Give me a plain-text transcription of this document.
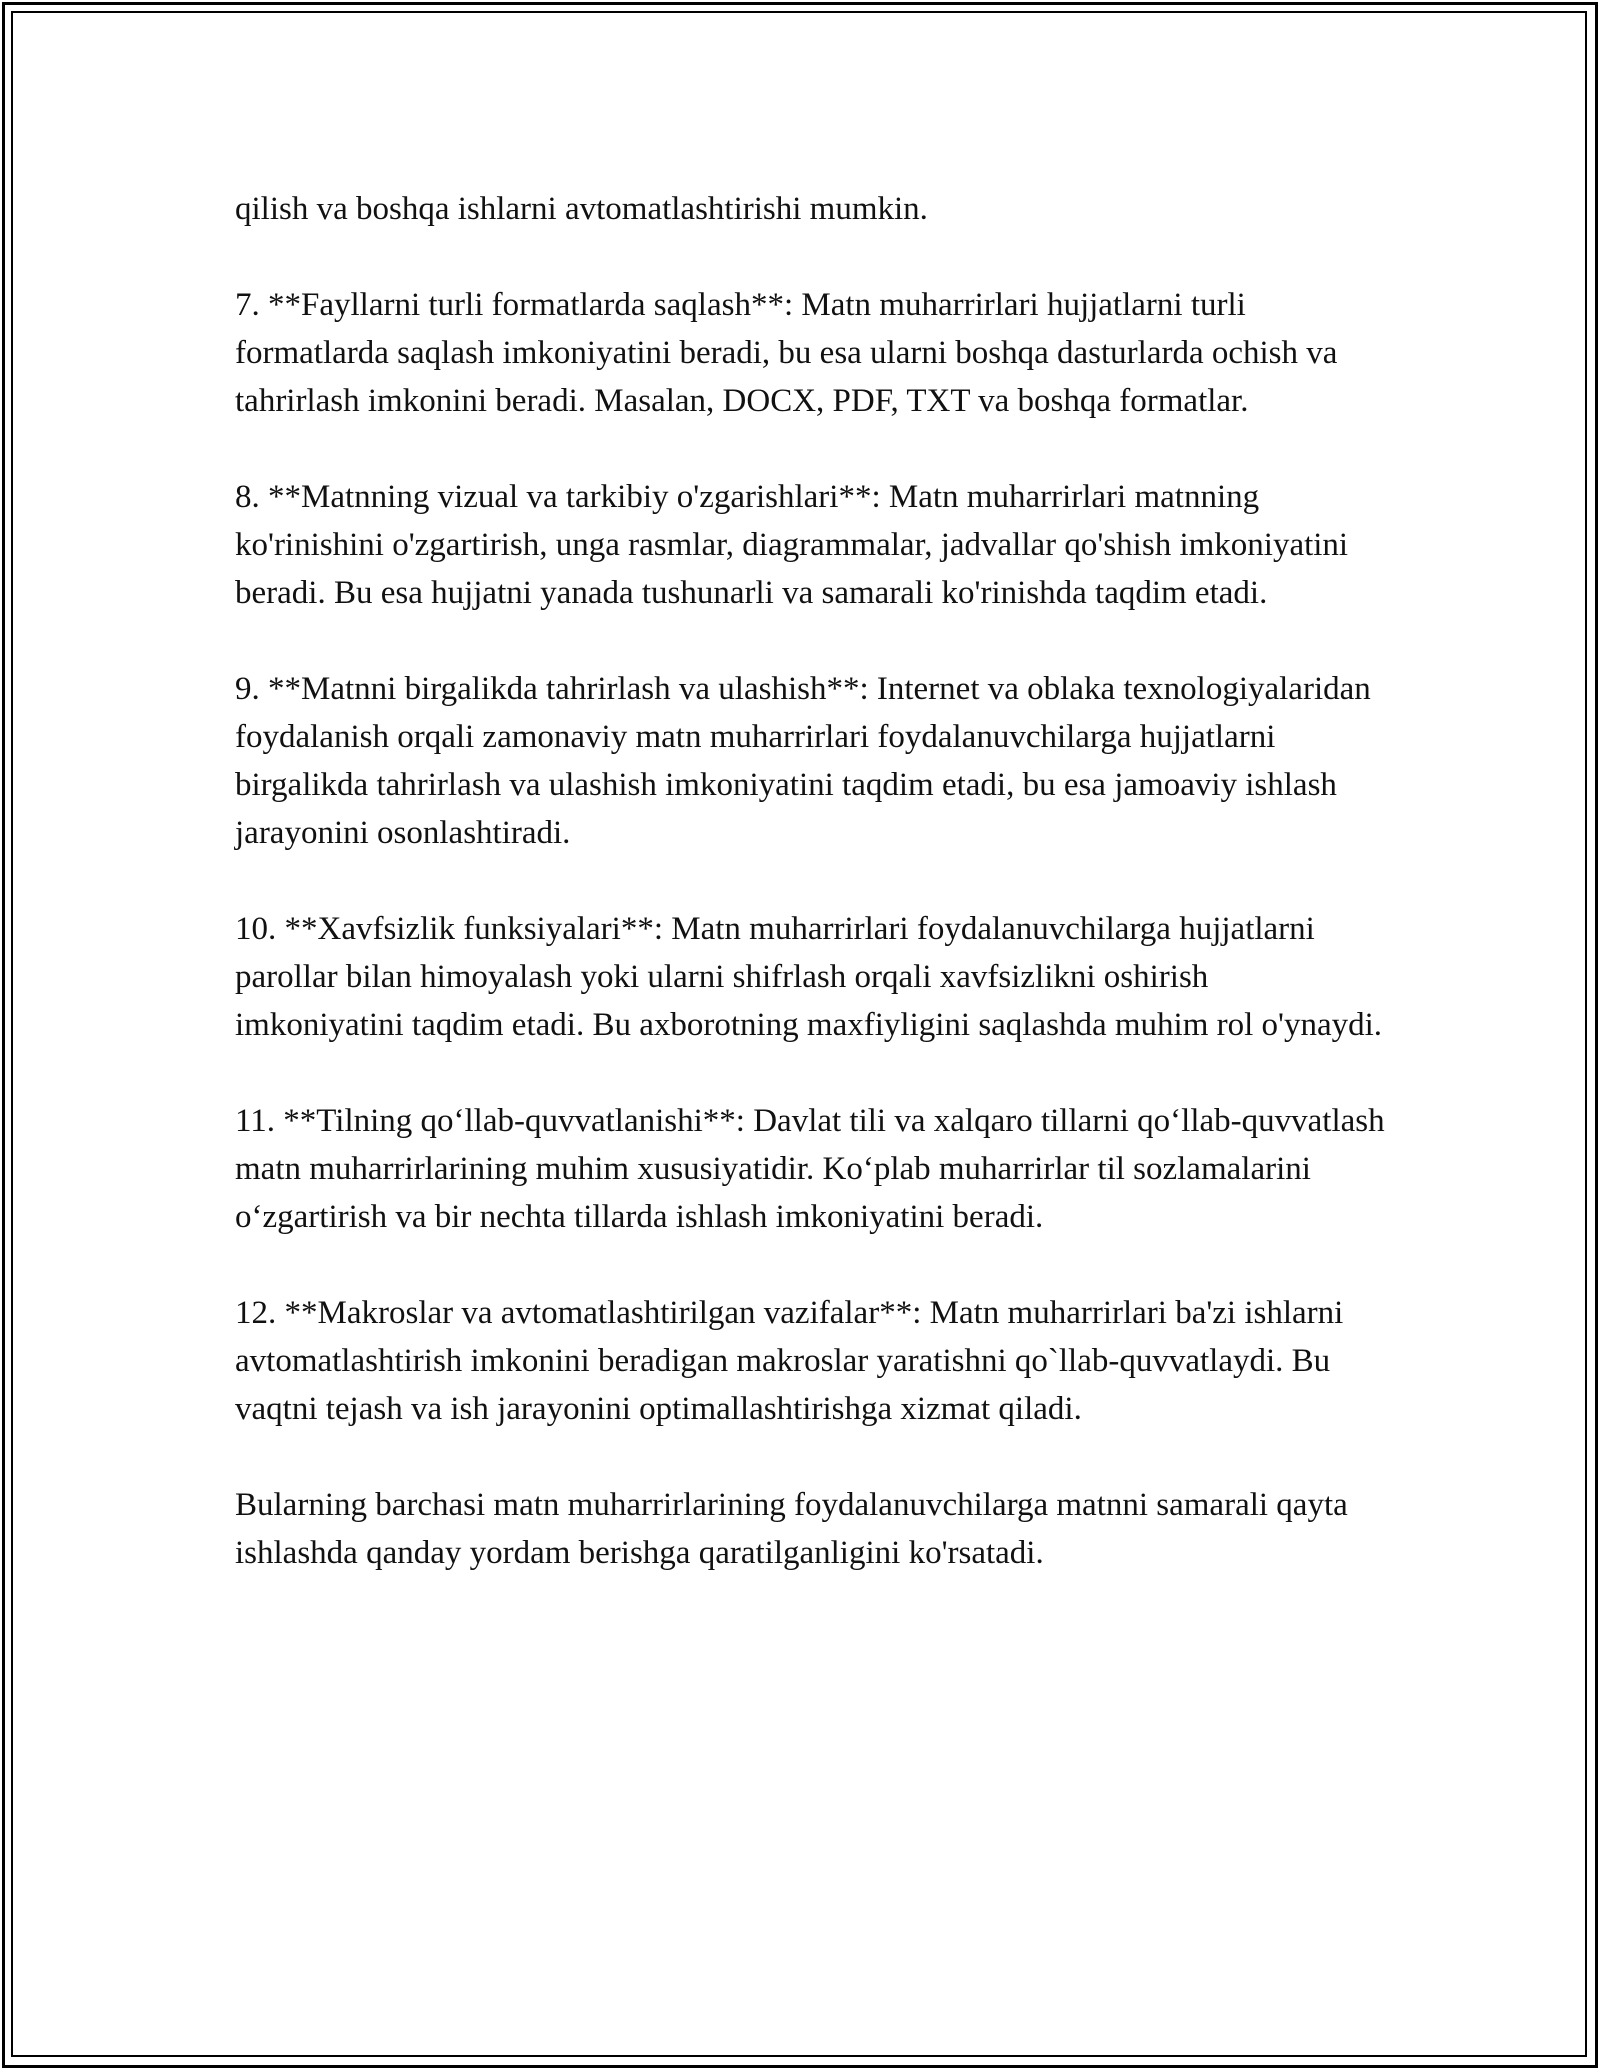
qilish va boshqa ishlarni avtomatlashtirishi mumkin.

7. **Fayllarni turli formatlarda saqlash**: Matn muharrirlari hujjatlarni turli formatlarda saqlash imkoniyatini beradi, bu esa ularni boshqa dasturlarda ochish va tahrirlash imkonini beradi. Masalan, DOCX, PDF, TXT va boshqa formatlar.

8. **Matnning vizual va tarkibiy o'zgarishlari**: Matn muharrirlari matnning ko'rinishini o'zgartirish, unga rasmlar, diagrammalar, jadvallar qo'shish imkoniyatini beradi. Bu esa hujjatni yanada tushunarli va samarali ko'rinishda taqdim etadi.

9. **Matnni birgalikda tahrirlash va ulashish**: Internet va oblaka texnologiyalaridan foydalanish orqali zamonaviy matn muharrirlari foydalanuvchilarga hujjatlarni birgalikda tahrirlash va ulashish imkoniyatini taqdim etadi, bu esa jamoaviy ishlash jarayonini osonlashtiradi.

10. **Xavfsizlik funksiyalari**: Matn muharrirlari foydalanuvchilarga hujjatlarni parollar bilan himoyalash yoki ularni shifrlash orqali xavfsizlikni oshirish imkoniyatini taqdim etadi. Bu axborotning maxfiyligini saqlashda muhim rol o'ynaydi.

11. **Tilning qo‘llab-quvvatlanishi**: Davlat tili va xalqaro tillarni qo‘llab-quvvatlash matn muharrirlarining muhim xususiyatidir. Ko‘plab muharrirlar til sozlamalarini o‘zgartirish va bir nechta tillarda ishlash imkoniyatini beradi.

12. **Makroslar va avtomatlashtirilgan vazifalar**: Matn muharrirlari ba'zi ishlarni avtomatlashtirish imkonini beradigan makroslar yaratishni qo`llab-quvvatlaydi. Bu vaqtni tejash va ish jarayonini optimallashtirishga xizmat qiladi.

Bularning barchasi matn muharrirlarining foydalanuvchilarga matnni samarali qayta ishlashda qanday yordam berishga qaratilganligini ko'rsatadi.
